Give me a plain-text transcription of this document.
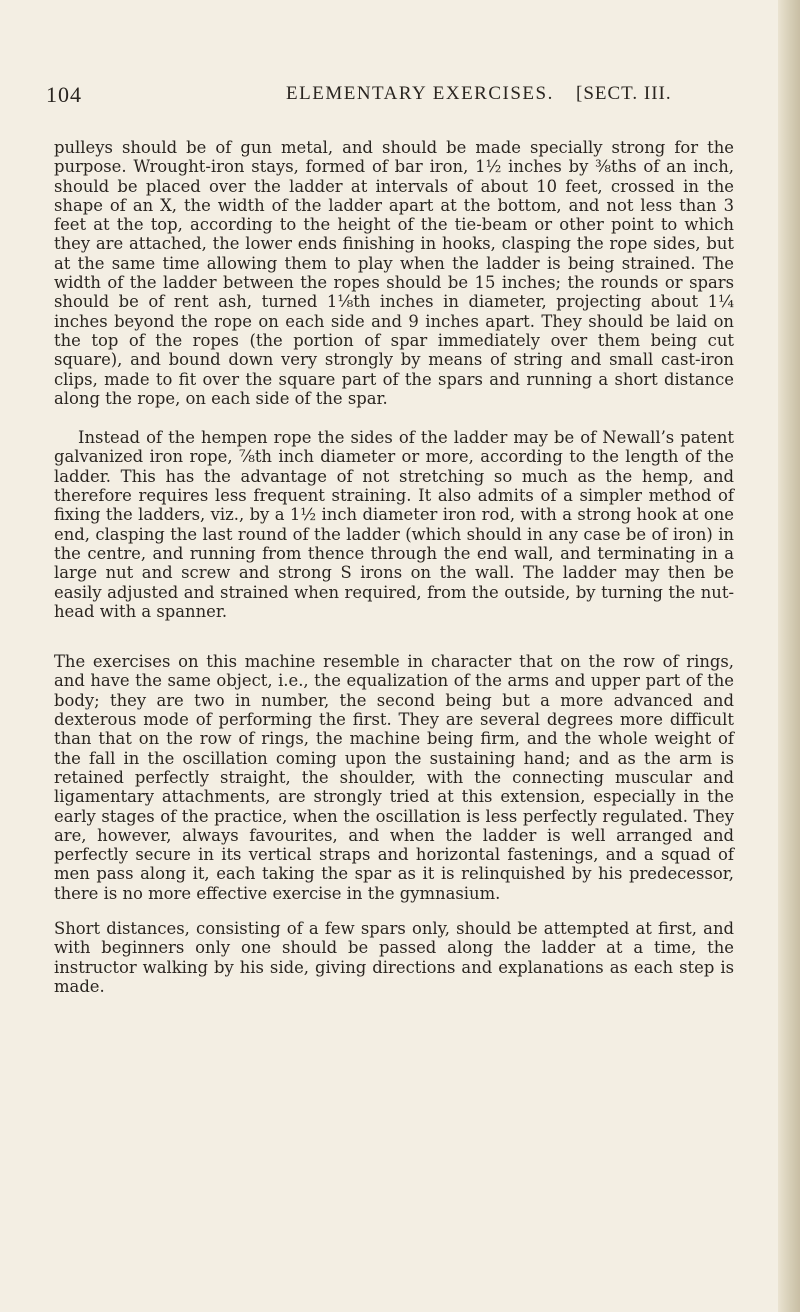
104	ELEMENTARY EXERCISES. [SECT. III.

pulleys should be of gun metal, and should be made specially strong for the purpose. Wrought-iron stays, formed of bar iron, 1½ inches by ⅜ths of an inch, should be placed over the ladder at intervals of about 10 feet, crossed in the shape of an X, the width of the ladder apart at the bottom, and not less than 3 feet at the top, according to the height of the tie-beam or other point to which they are attached, the lower ends finishing in hooks, clasping the rope sides, but at the same time allowing them to play when the ladder is being strained. The width of the ladder between the ropes should be 15 inches; the rounds or spars should be of rent ash, turned 1⅛th inches in diameter, projecting about 1¼ inches beyond the rope on each side and 9 inches apart. They should be laid on the top of the ropes (the portion of spar immediately over them being cut square), and bound down very strongly by means of string and small cast-iron clips, made to fit over the square part of the spars and running a short distance along the rope, on each side of the spar.

Instead of the hempen rope the sides of the ladder may be of Newall’s patent galvanized iron rope, ⅞th inch diameter or more, according to the length of the ladder. This has the advantage of not stretching so much as the hemp, and therefore requires less frequent straining. It also admits of a simpler method of fixing the ladders, viz., by a 1½ inch diameter iron rod, with a strong hook at one end, clasping the last round of the ladder (which should in any case be of iron) in the centre, and running from thence through the end wall, and terminating in a large nut and screw and strong S irons on the wall. The ladder may then be easily adjusted and strained when required, from the outside, by turning the nut-head with a spanner.

The exercises on this machine resemble in character that on the row of rings, and have the same object, i.e., the equalization of the arms and upper part of the body; they are two in number, the second being but a more advanced and dexterous mode of performing the first. They are several degrees more difficult than that on the row of rings, the machine being firm, and the whole weight of the fall in the oscillation coming upon the sustaining hand; and as the arm is retained perfectly straight, the shoulder, with the connecting muscular and ligamentary attachments, are strongly tried at this extension, especially in the early stages of the practice, when the oscillation is less perfectly regulated. They are, however, always favourites, and when the ladder is well arranged and perfectly secure in its vertical straps and horizontal fastenings, and a squad of men pass along it, each taking the spar as it is relinquished by his predecessor, there is no more effective exercise in the gymnasium.

Short distances, consisting of a few spars only, should be attempted at first, and with beginners only one should be passed along the ladder at a time, the instructor walking by his side, giving directions and explanations as each step is made.
